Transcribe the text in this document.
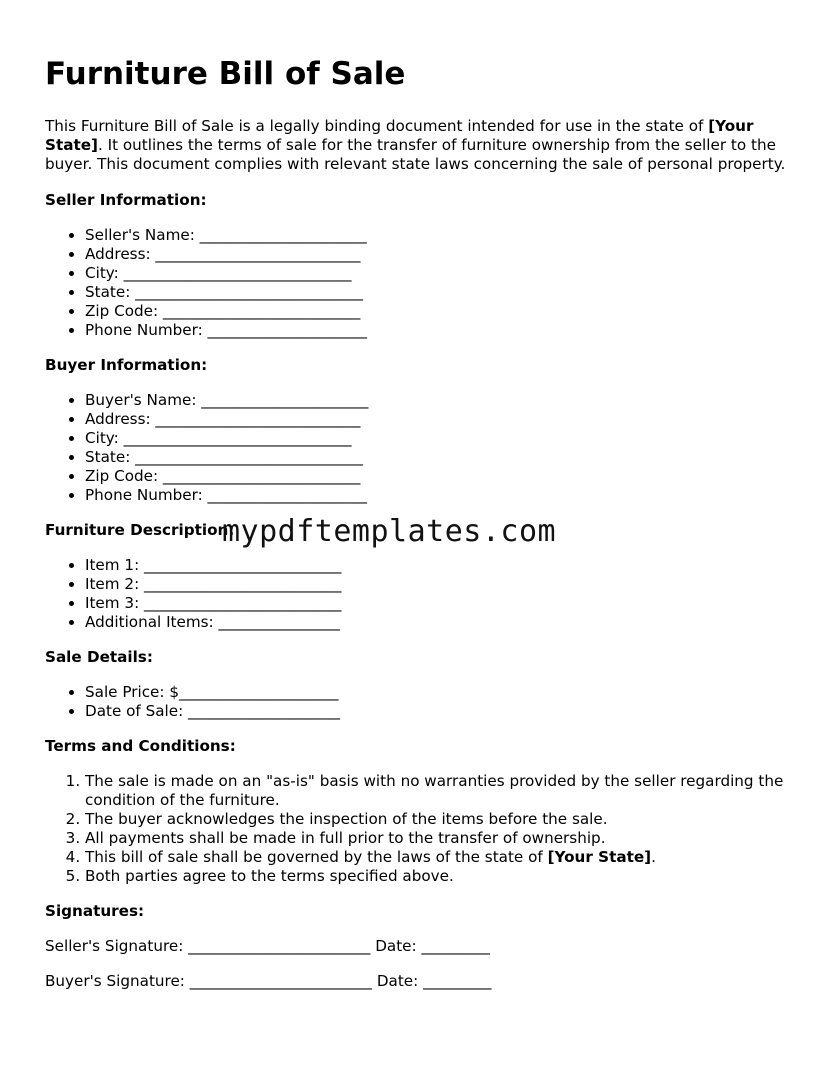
Furniture Bill of Sale

This Furniture Bill of Sale is a legally binding document intended for use in the state of [Your State]. It outlines the terms of sale for the transfer of furniture ownership from the seller to the buyer. This document complies with relevant state laws concerning the sale of personal property.

Seller Information:
• Seller's Name: ______________________
• Address: ___________________________
• City: ______________________________
• State: ______________________________
• Zip Code: __________________________
• Phone Number: _____________________
Buyer Information:
• Buyer's Name: ______________________
• Address: ___________________________
• City: ______________________________
• State: ______________________________
• Zip Code: __________________________
• Phone Number: _____________________
Furniture Description:
• Item 1: __________________________
• Item 2: __________________________
• Item 3: __________________________
• Additional Items: ________________
Sale Details:
• Sale Price: $_____________________
• Date of Sale: ____________________
Terms and Conditions:
1. The sale is made on an "as-is" basis with no warranties provided by the seller regarding the condition of the furniture.
2. The buyer acknowledges the inspection of the items before the sale.
3. All payments shall be made in full prior to the transfer of ownership.
4. This bill of sale shall be governed by the laws of the state of [Your State].
5. Both parties agree to the terms specified above.
Signatures:

Seller's Signature: ________________________ Date: _________

Buyer's Signature: ________________________ Date: _________

mypdftemplates.com
